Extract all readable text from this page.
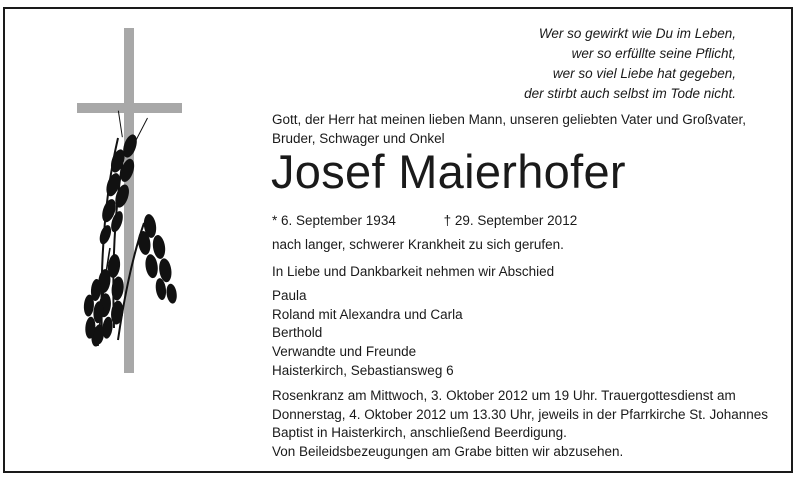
Wer so gewirkt wie Du im Leben,
wer so erfüllte seine Pflicht,
wer so viel Liebe hat gegeben,
der stirbt auch selbst im Tode nicht.
Gott, der Herr hat meinen lieben Mann, unseren geliebten Vater und Großvater,
Bruder, Schwager und Onkel
Josef Maierhofer
* 6. September 1934	† 29. September 2012
nach langer, schwerer Krankheit zu sich gerufen.
In Liebe und Dankbarkeit nehmen wir Abschied
Paula
Roland mit Alexandra und Carla
Berthold
Verwandte und Freunde
Haisterkirch, Sebastiansweg 6
Rosenkranz am Mittwoch, 3. Oktober 2012 um 19 Uhr. Trauergottesdienst am
Donnerstag, 4. Oktober 2012 um 13.30 Uhr, jeweils in der Pfarrkirche St. Johannes
Baptist in Haisterkirch, anschließend Beerdigung.
Von Beileidsbezeugungen am Grabe bitten wir abzusehen.
